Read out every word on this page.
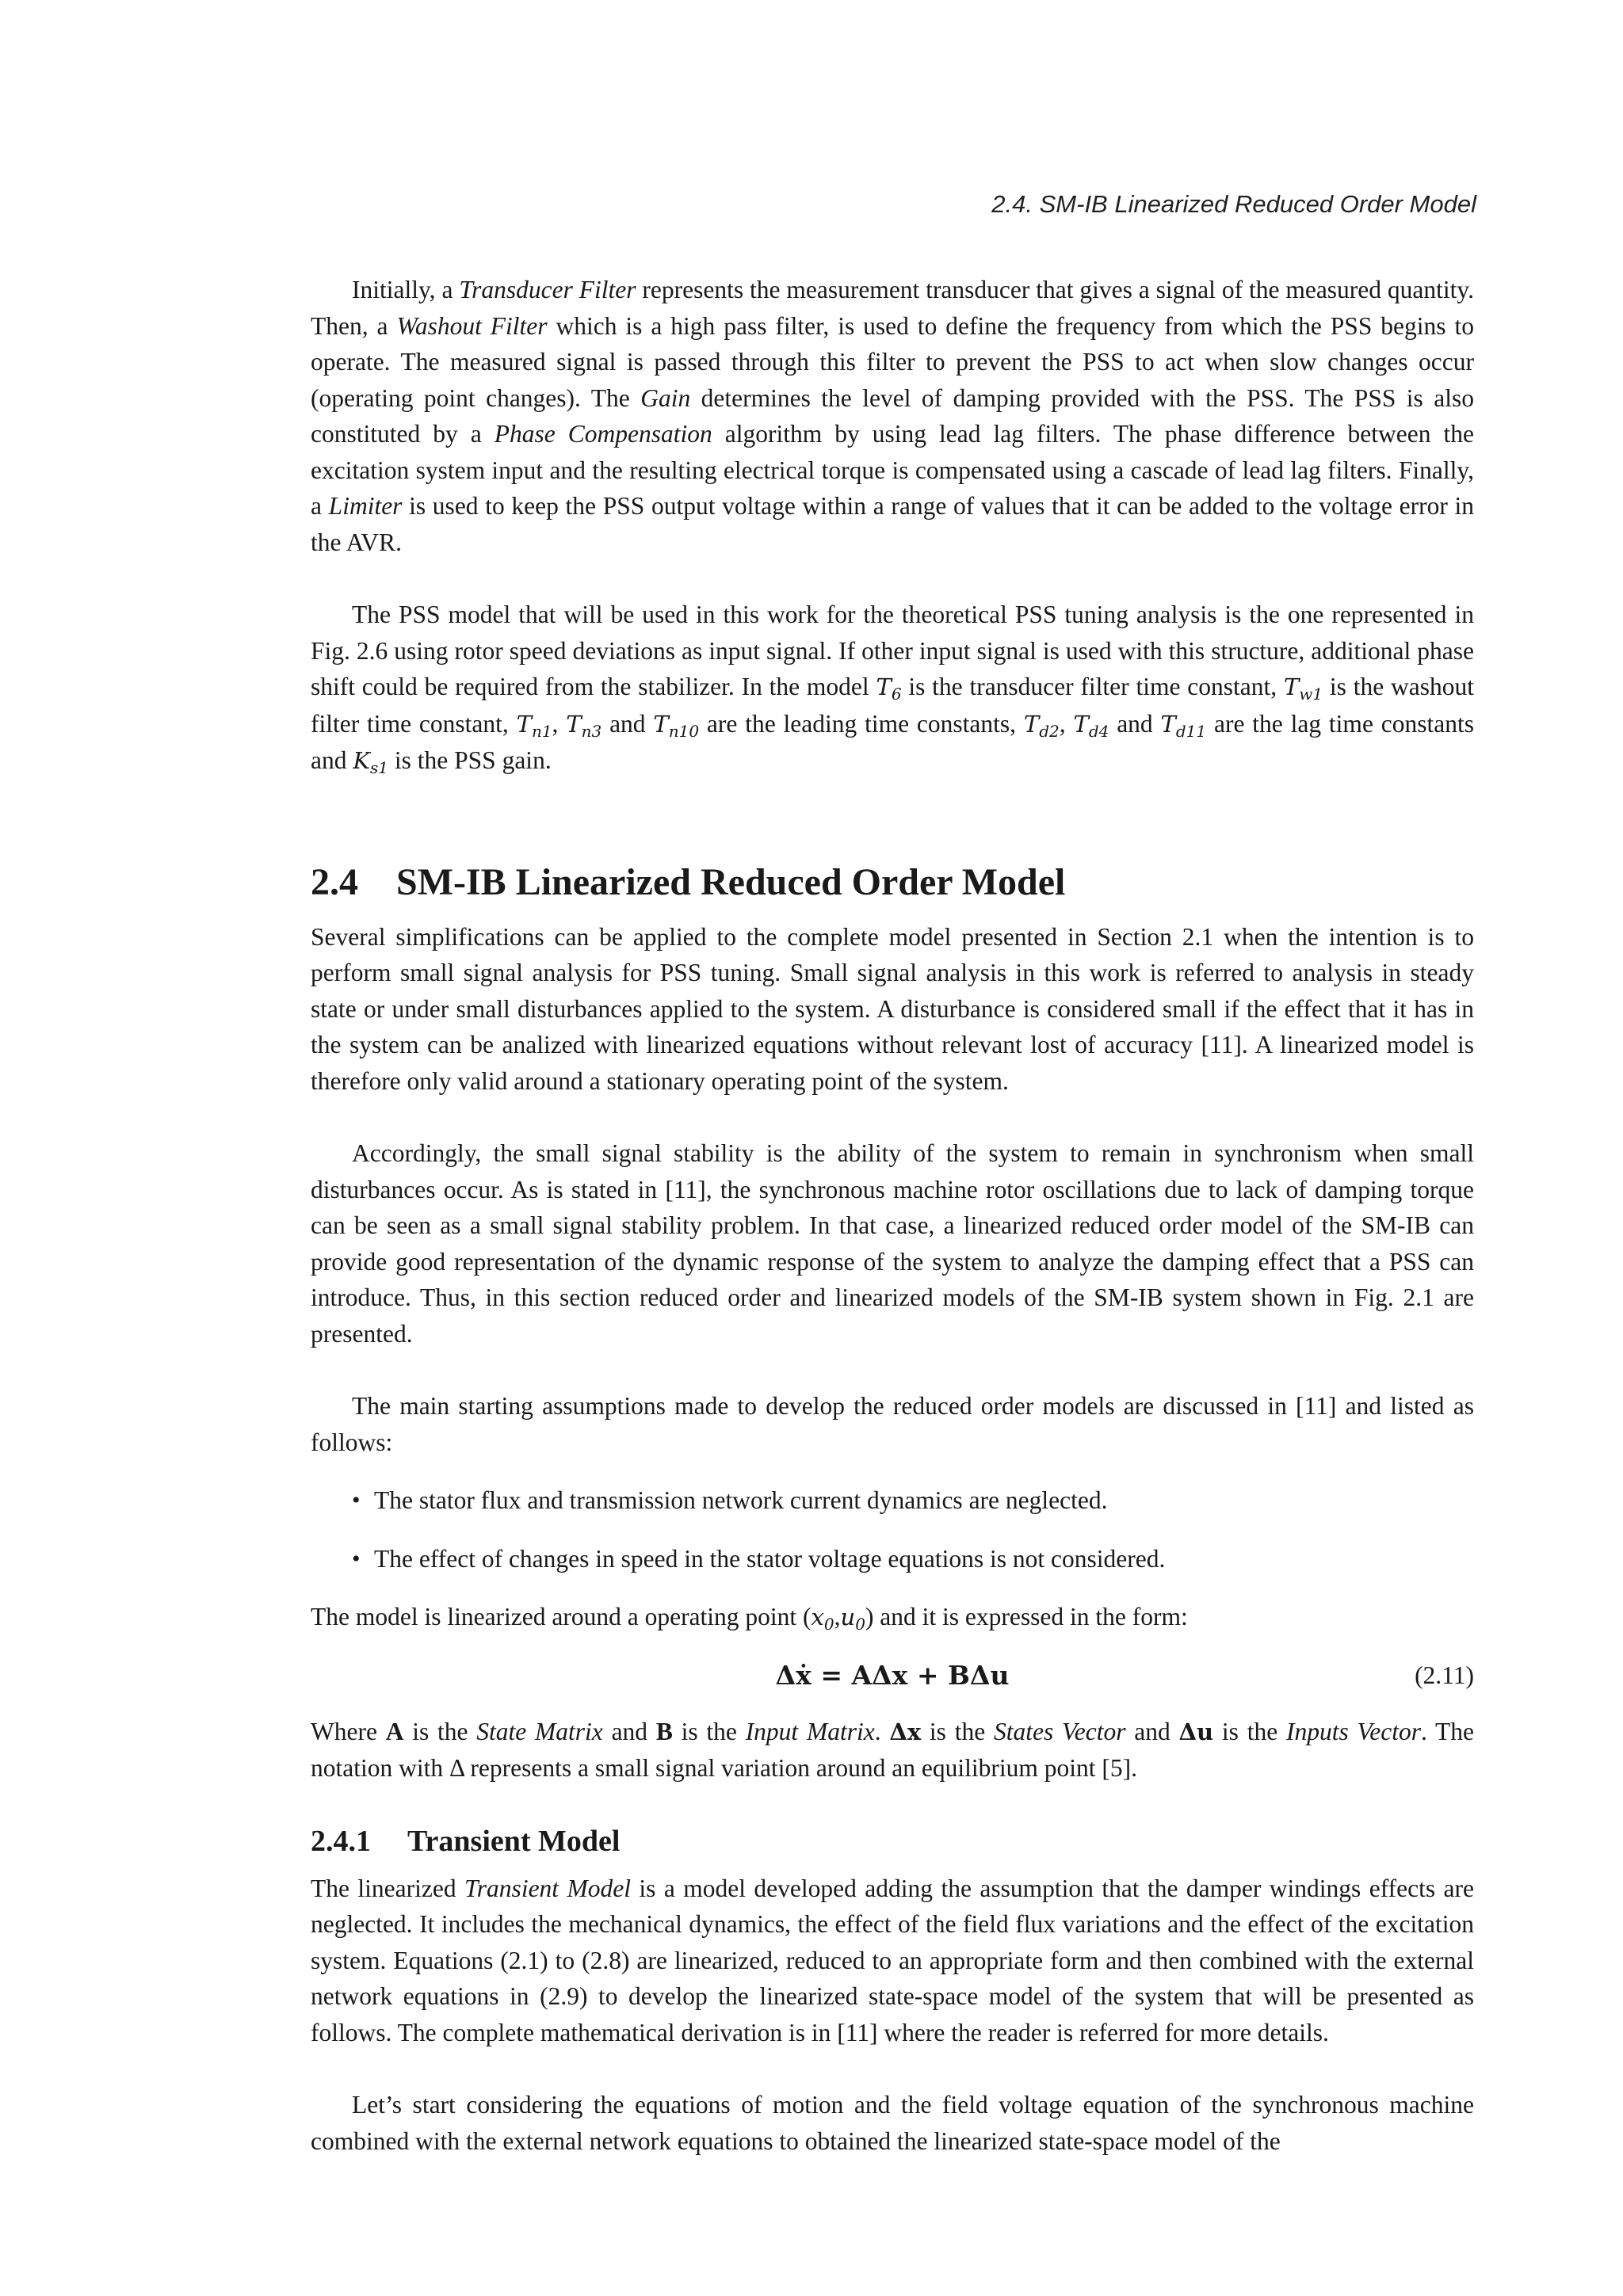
2.4. SM-IB Linearized Reduced Order Model

Initially, a Transducer Filter represents the measurement transducer that gives a signal of the measured quantity. Then, a Washout Filter which is a high pass filter, is used to define the frequency from which the PSS begins to operate. The measured signal is passed through this filter to prevent the PSS to act when slow changes occur (operating point changes). The Gain determines the level of damping provided with the PSS. The PSS is also constituted by a Phase Compensation algorithm by using lead lag filters. The phase difference between the excitation system input and the resulting electrical torque is compensated using a cascade of lead lag filters. Finally, a Limiter is used to keep the PSS output voltage within a range of values that it can be added to the voltage error in the AVR.

The PSS model that will be used in this work for the theoretical PSS tuning analysis is the one represented in Fig. 2.6 using rotor speed deviations as input signal. If other input signal is used with this structure, additional phase shift could be required from the stabilizer. In the model $T_6$ is the transducer filter time constant, $T_{w1}$ is the washout filter time constant, $T_{n1}$, $T_{n3}$ and $T_{n10}$ are the leading time constants, $T_{d2}$, $T_{d4}$ and $T_{d11}$ are the lag time constants and $K_{s1}$ is the PSS gain.

2.4 SM-IB Linearized Reduced Order Model

Several simplifications can be applied to the complete model presented in Section 2.1 when the intention is to perform small signal analysis for PSS tuning. Small signal analysis in this work is referred to analysis in steady state or under small disturbances applied to the system. A disturbance is considered small if the effect that it has in the system can be analized with linearized equations without relevant lost of accuracy [11]. A linearized model is therefore only valid around a stationary operating point of the system.

Accordingly, the small signal stability is the ability of the system to remain in synchronism when small disturbances occur. As is stated in [11], the synchronous machine rotor oscillations due to lack of damping torque can be seen as a small signal stability problem. In that case, a linearized reduced order model of the SM-IB can provide good representation of the dynamic response of the system to analyze the damping effect that a PSS can introduce. Thus, in this section reduced order and linearized models of the SM-IB system shown in Fig. 2.1 are presented.

The main starting assumptions made to develop the reduced order models are discussed in [11] and listed as follows:

• The stator flux and transmission network current dynamics are neglected.
• The effect of changes in speed in the stator voltage equations is not considered.

The model is linearized around a operating point $(x_0,u_0)$ and it is expressed in the form:

Δẋ = AΔx + BΔu	(2.11)

Where A is the State Matrix and B is the Input Matrix. Δx is the States Vector and Δu is the Inputs Vector. The notation with Δ represents a small signal variation around an equilibrium point [5].

2.4.1 Transient Model

The linearized Transient Model is a model developed adding the assumption that the damper windings effects are neglected. It includes the mechanical dynamics, the effect of the field flux variations and the effect of the excitation system. Equations (2.1) to (2.8) are linearized, reduced to an appropriate form and then combined with the external network equations in (2.9) to develop the linearized state-space model of the system that will be presented as follows. The complete mathematical derivation is in [11] where the reader is referred for more details.

Let’s start considering the equations of motion and the field voltage equation of the synchronous machine combined with the external network equations to obtained the linearized state-space model of the
